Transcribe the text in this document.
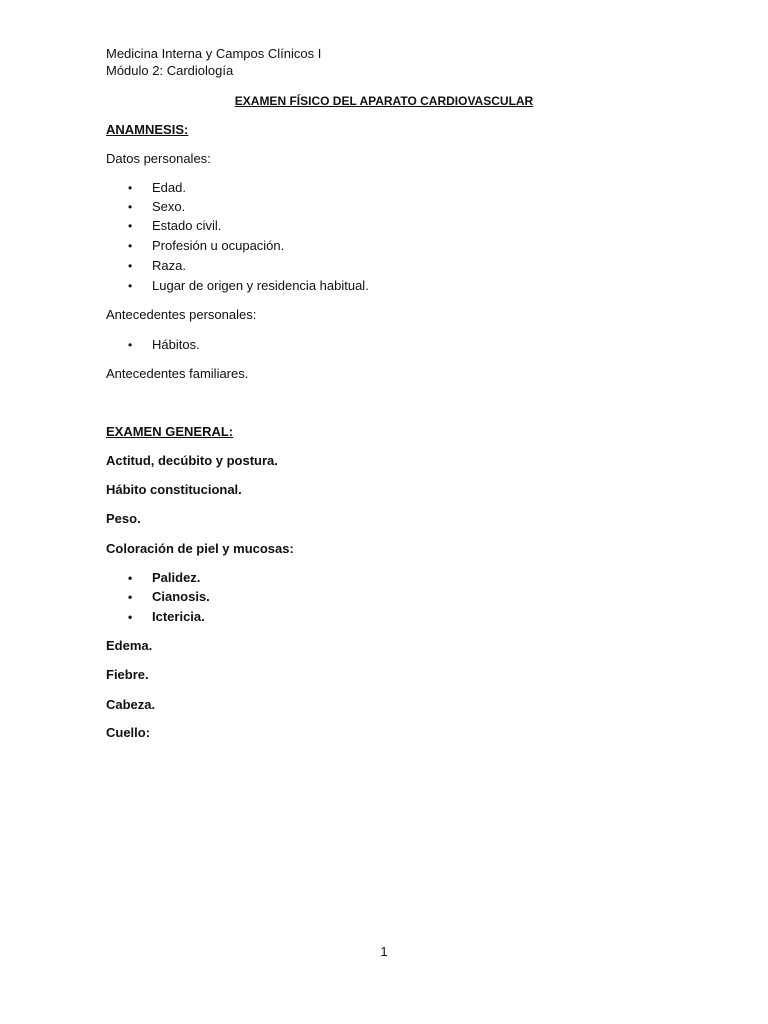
Medicina Interna y Campos Clínicos I
Módulo 2: Cardiología
EXAMEN FÍSICO DEL APARATO CARDIOVASCULAR
ANAMNESIS:
Datos personales:
• Edad.
• Sexo.
• Estado civil.
• Profesión u ocupación.
• Raza.
• Lugar de origen y residencia habitual.
Antecedentes personales:
• Hábitos.
Antecedentes familiares.
EXAMEN GENERAL:
Actitud, decúbito y postura.
Hábito constitucional.
Peso.
Coloración de piel y mucosas:
• Palidez.
• Cianosis.
• Ictericia.
Edema.
Fiebre.
Cabeza.
Cuello:
1
